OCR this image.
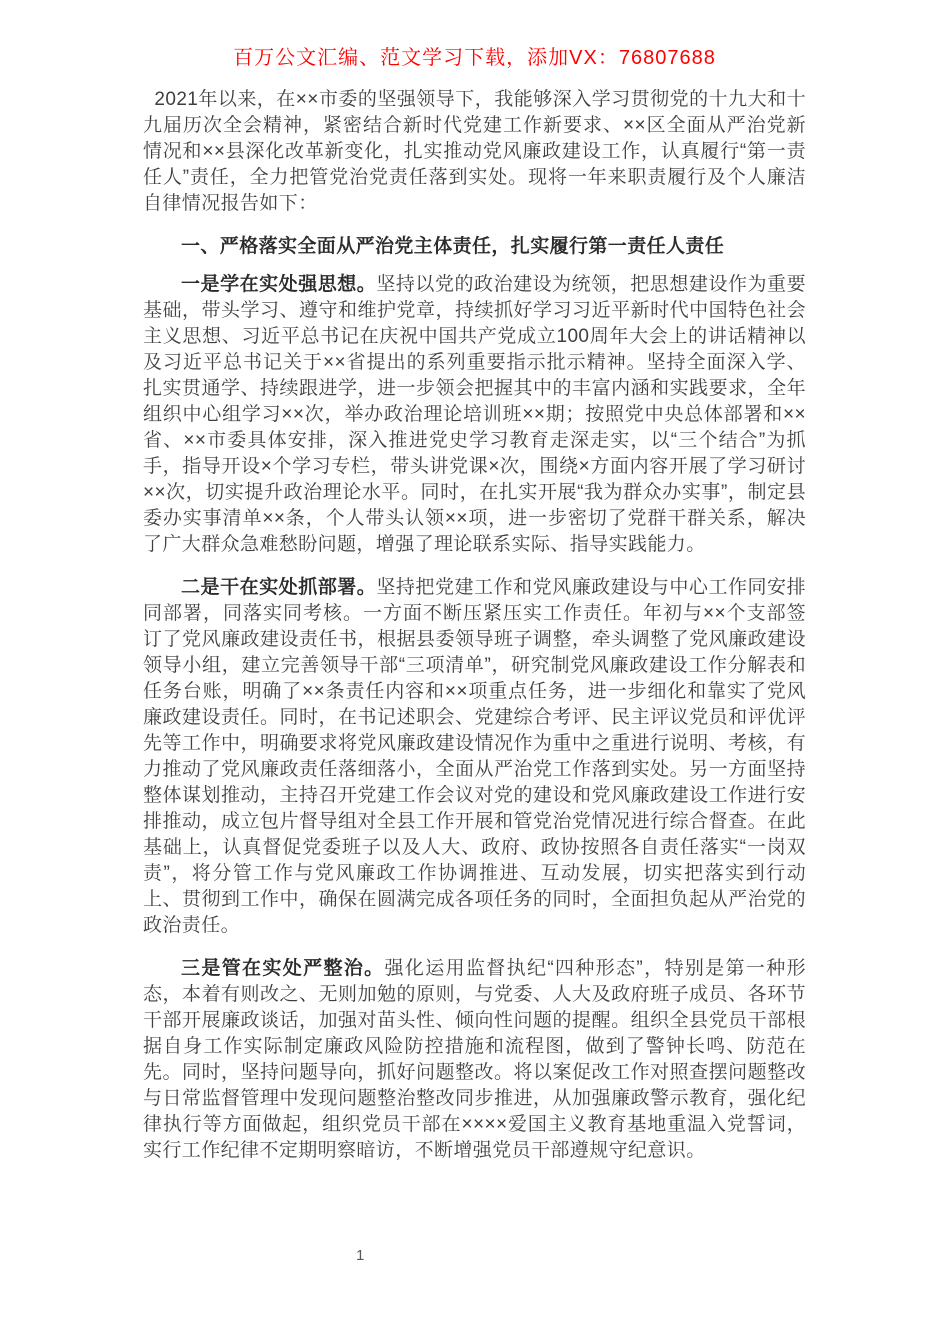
百万公文汇编、范文学习下载，添加VX：76807688

2021年以来，在××市委的坚强领导下，我能够深入学习贯彻党的十九大和十九届历次全会精神，紧密结合新时代党建工作新要求、××区全面从严治党新情况和××县深化改革新变化，扎实推动党风廉政建设工作，认真履行“第一责任人”责任，全力把管党治党责任落到实处。现将一年来职责履行及个人廉洁自律情况报告如下：

一、严格落实全面从严治党主体责任，扎实履行第一责任人责任

一是学在实处强思想。坚持以党的政治建设为统领，把思想建设作为重要基础，带头学习、遵守和维护党章，持续抓好学习习近平新时代中国特色社会主义思想、习近平总书记在庆祝中国共产党成立100周年大会上的讲话精神以及习近平总书记关于××省提出的系列重要指示批示精神。坚持全面深入学、扎实贯通学、持续跟进学，进一步领会把握其中的丰富内涵和实践要求，全年组织中心组学习××次，举办政治理论培训班××期；按照党中央总体部署和××省、××市委具体安排，深入推进党史学习教育走深走实，以“三个结合”为抓手，指导开设×个学习专栏，带头讲党课×次，围绕×方面内容开展了学习研讨××次，切实提升政治理论水平。同时，在扎实开展“我为群众办实事”，制定县委办实事清单××条，个人带头认领××项，进一步密切了党群干群关系，解决了广大群众急难愁盼问题，增强了理论联系实际、指导实践能力。

二是干在实处抓部署。坚持把党建工作和党风廉政建设与中心工作同安排同部署，同落实同考核。一方面不断压紧压实工作责任。年初与××个支部签订了党风廉政建设责任书，根据县委领导班子调整，牵头调整了党风廉政建设领导小组，建立完善领导干部“三项清单”，研究制党风廉政建设工作分解表和任务台账，明确了××条责任内容和××项重点任务，进一步细化和靠实了党风廉政建设责任。同时，在书记述职会、党建综合考评、民主评议党员和评优评先等工作中，明确要求将党风廉政建设情况作为重中之重进行说明、考核，有力推动了党风廉政责任落细落小，全面从严治党工作落到实处。另一方面坚持整体谋划推动，主持召开党建工作会议对党的建设和党风廉政建设工作进行安排推动，成立包片督导组对全县工作开展和管党治党情况进行综合督查。在此基础上，认真督促党委班子以及人大、政府、政协按照各自责任落实“一岗双责”，将分管工作与党风廉政工作协调推进、互动发展，切实把落实到行动上、贯彻到工作中，确保在圆满完成各项任务的同时，全面担负起从严治党的政治责任。

三是管在实处严整治。强化运用监督执纪“四种形态”，特别是第一种形态，本着有则改之、无则加勉的原则，与党委、人大及政府班子成员、各环节干部开展廉政谈话，加强对苗头性、倾向性问题的提醒。组织全县党员干部根据自身工作实际制定廉政风险防控措施和流程图，做到了警钟长鸣、防范在先。同时，坚持问题导向，抓好问题整改。将以案促改工作对照查摆问题整改与日常监督管理中发现问题整治整改同步推进，从加强廉政警示教育，强化纪律执行等方面做起，组织党员干部在××××爱国主义教育基地重温入党誓词，实行工作纪律不定期明察暗访，不断增强党员干部遵规守纪意识。

1
